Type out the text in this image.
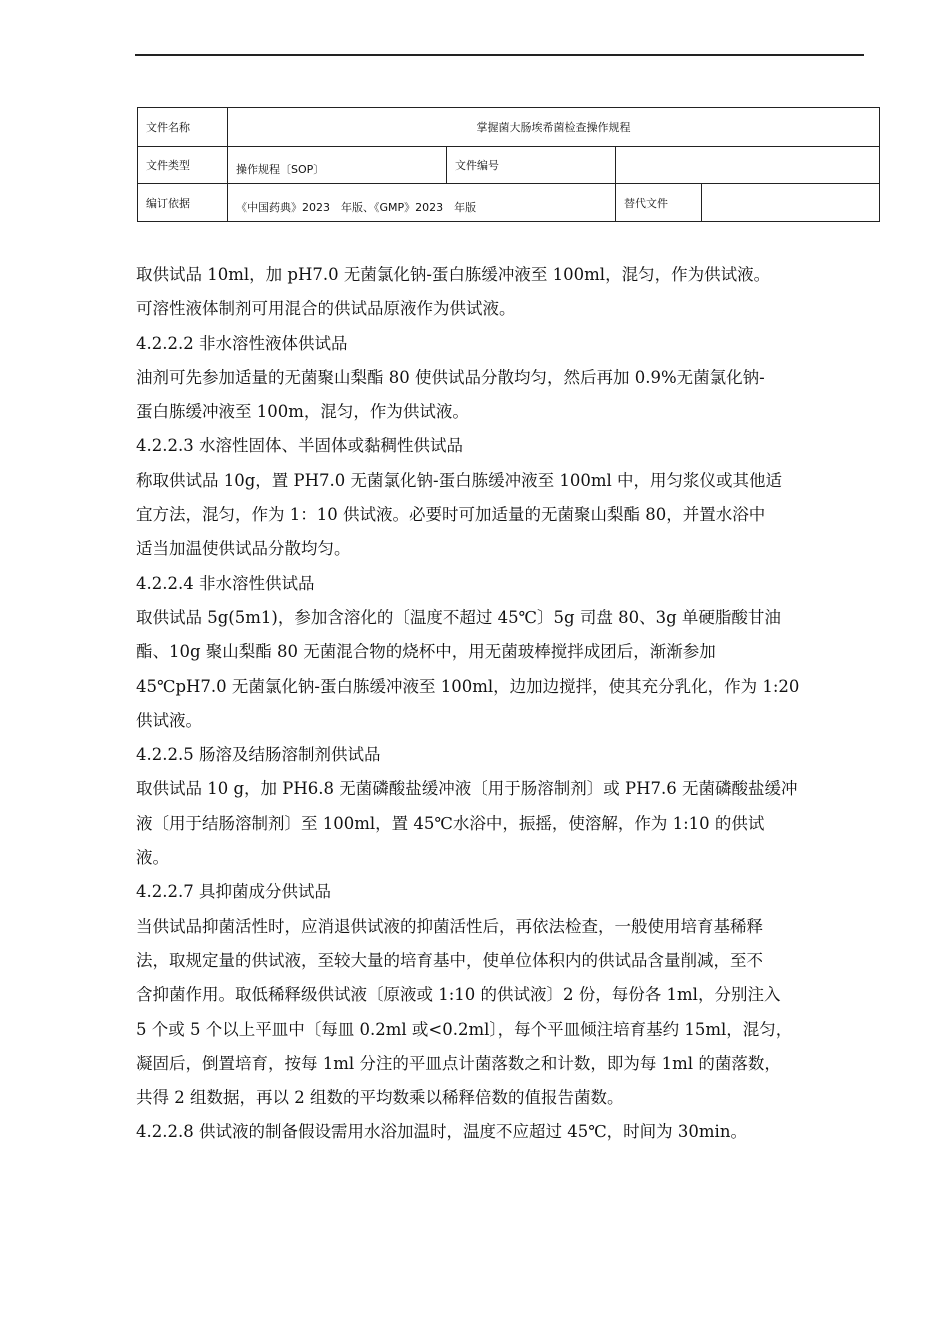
文件名称	掌握菌大肠埃希菌检查操作规程			
文件类型	操作规程〔SOP〕	文件编号		
编订依据	《中国药典》2023　年版、《GMP》2023　年版		替代文件	
取供试品 10ml，加 pH7.0 无菌氯化钠-蛋白胨缓冲液至 100ml，混匀，作为供试液。
可溶性液体制剂可用混合的供试品原液作为供试液。
4.2.2.2 非水溶性液体供试品
油剂可先参加适量的无菌聚山梨酯 80 使供试品分散均匀，然后再加 0.9%无菌氯化钠-
蛋白胨缓冲液至 100m，混匀，作为供试液。
4.2.2.3 水溶性固体、半固体或黏稠性供试品
称取供试品 10g，置 PH7.0 无菌氯化钠-蛋白胨缓冲液至 100ml 中，用匀浆仪或其他适
宜方法，混匀，作为 1：10 供试液。必要时可加适量的无菌聚山梨酯 80，并置水浴中
适当加温使供试品分散均匀。
4.2.2.4 非水溶性供试品
取供试品 5g(5m1)，参加含溶化的〔温度不超过 45℃〕5g 司盘 80、3g 单硬脂酸甘油
酯、10g 聚山梨酯 80 无菌混合物的烧杯中，用无菌玻棒搅拌成团后，渐渐参加
45℃pH7.0 无菌氯化钠-蛋白胨缓冲液至 100ml，边加边搅拌，使其充分乳化，作为 1:20
供试液。
4.2.2.5 肠溶及结肠溶制剂供试品
取供试品 10 g，加 PH6.8 无菌磷酸盐缓冲液〔用于肠溶制剂〕或 PH7.6 无菌磷酸盐缓冲
液〔用于结肠溶制剂〕至 100ml，置 45℃水浴中，振摇，使溶解，作为 1:10 的供试
液。
4.2.2.7 具抑菌成分供试品
当供试品抑菌活性时，应消退供试液的抑菌活性后，再依法检查，一般使用培育基稀释
法，取规定量的供试液，至较大量的培育基中，使单位体积内的供试品含量削减，至不
含抑菌作用。取低稀释级供试液〔原液或 1:10 的供试液〕2 份，每份各 1ml，分别注入
5 个或 5 个以上平皿中〔每皿 0.2ml 或<0.2ml〕，每个平皿倾注培育基约 15ml，混匀，
凝固后，倒置培育，按每 1ml 分注的平皿点计菌落数之和计数，即为每 1ml 的菌落数，
共得 2 组数据，再以 2 组数的平均数乘以稀释倍数的值报告菌数。
4.2.2.8 供试液的制备假设需用水浴加温时，温度不应超过 45℃，时间为 30min。
